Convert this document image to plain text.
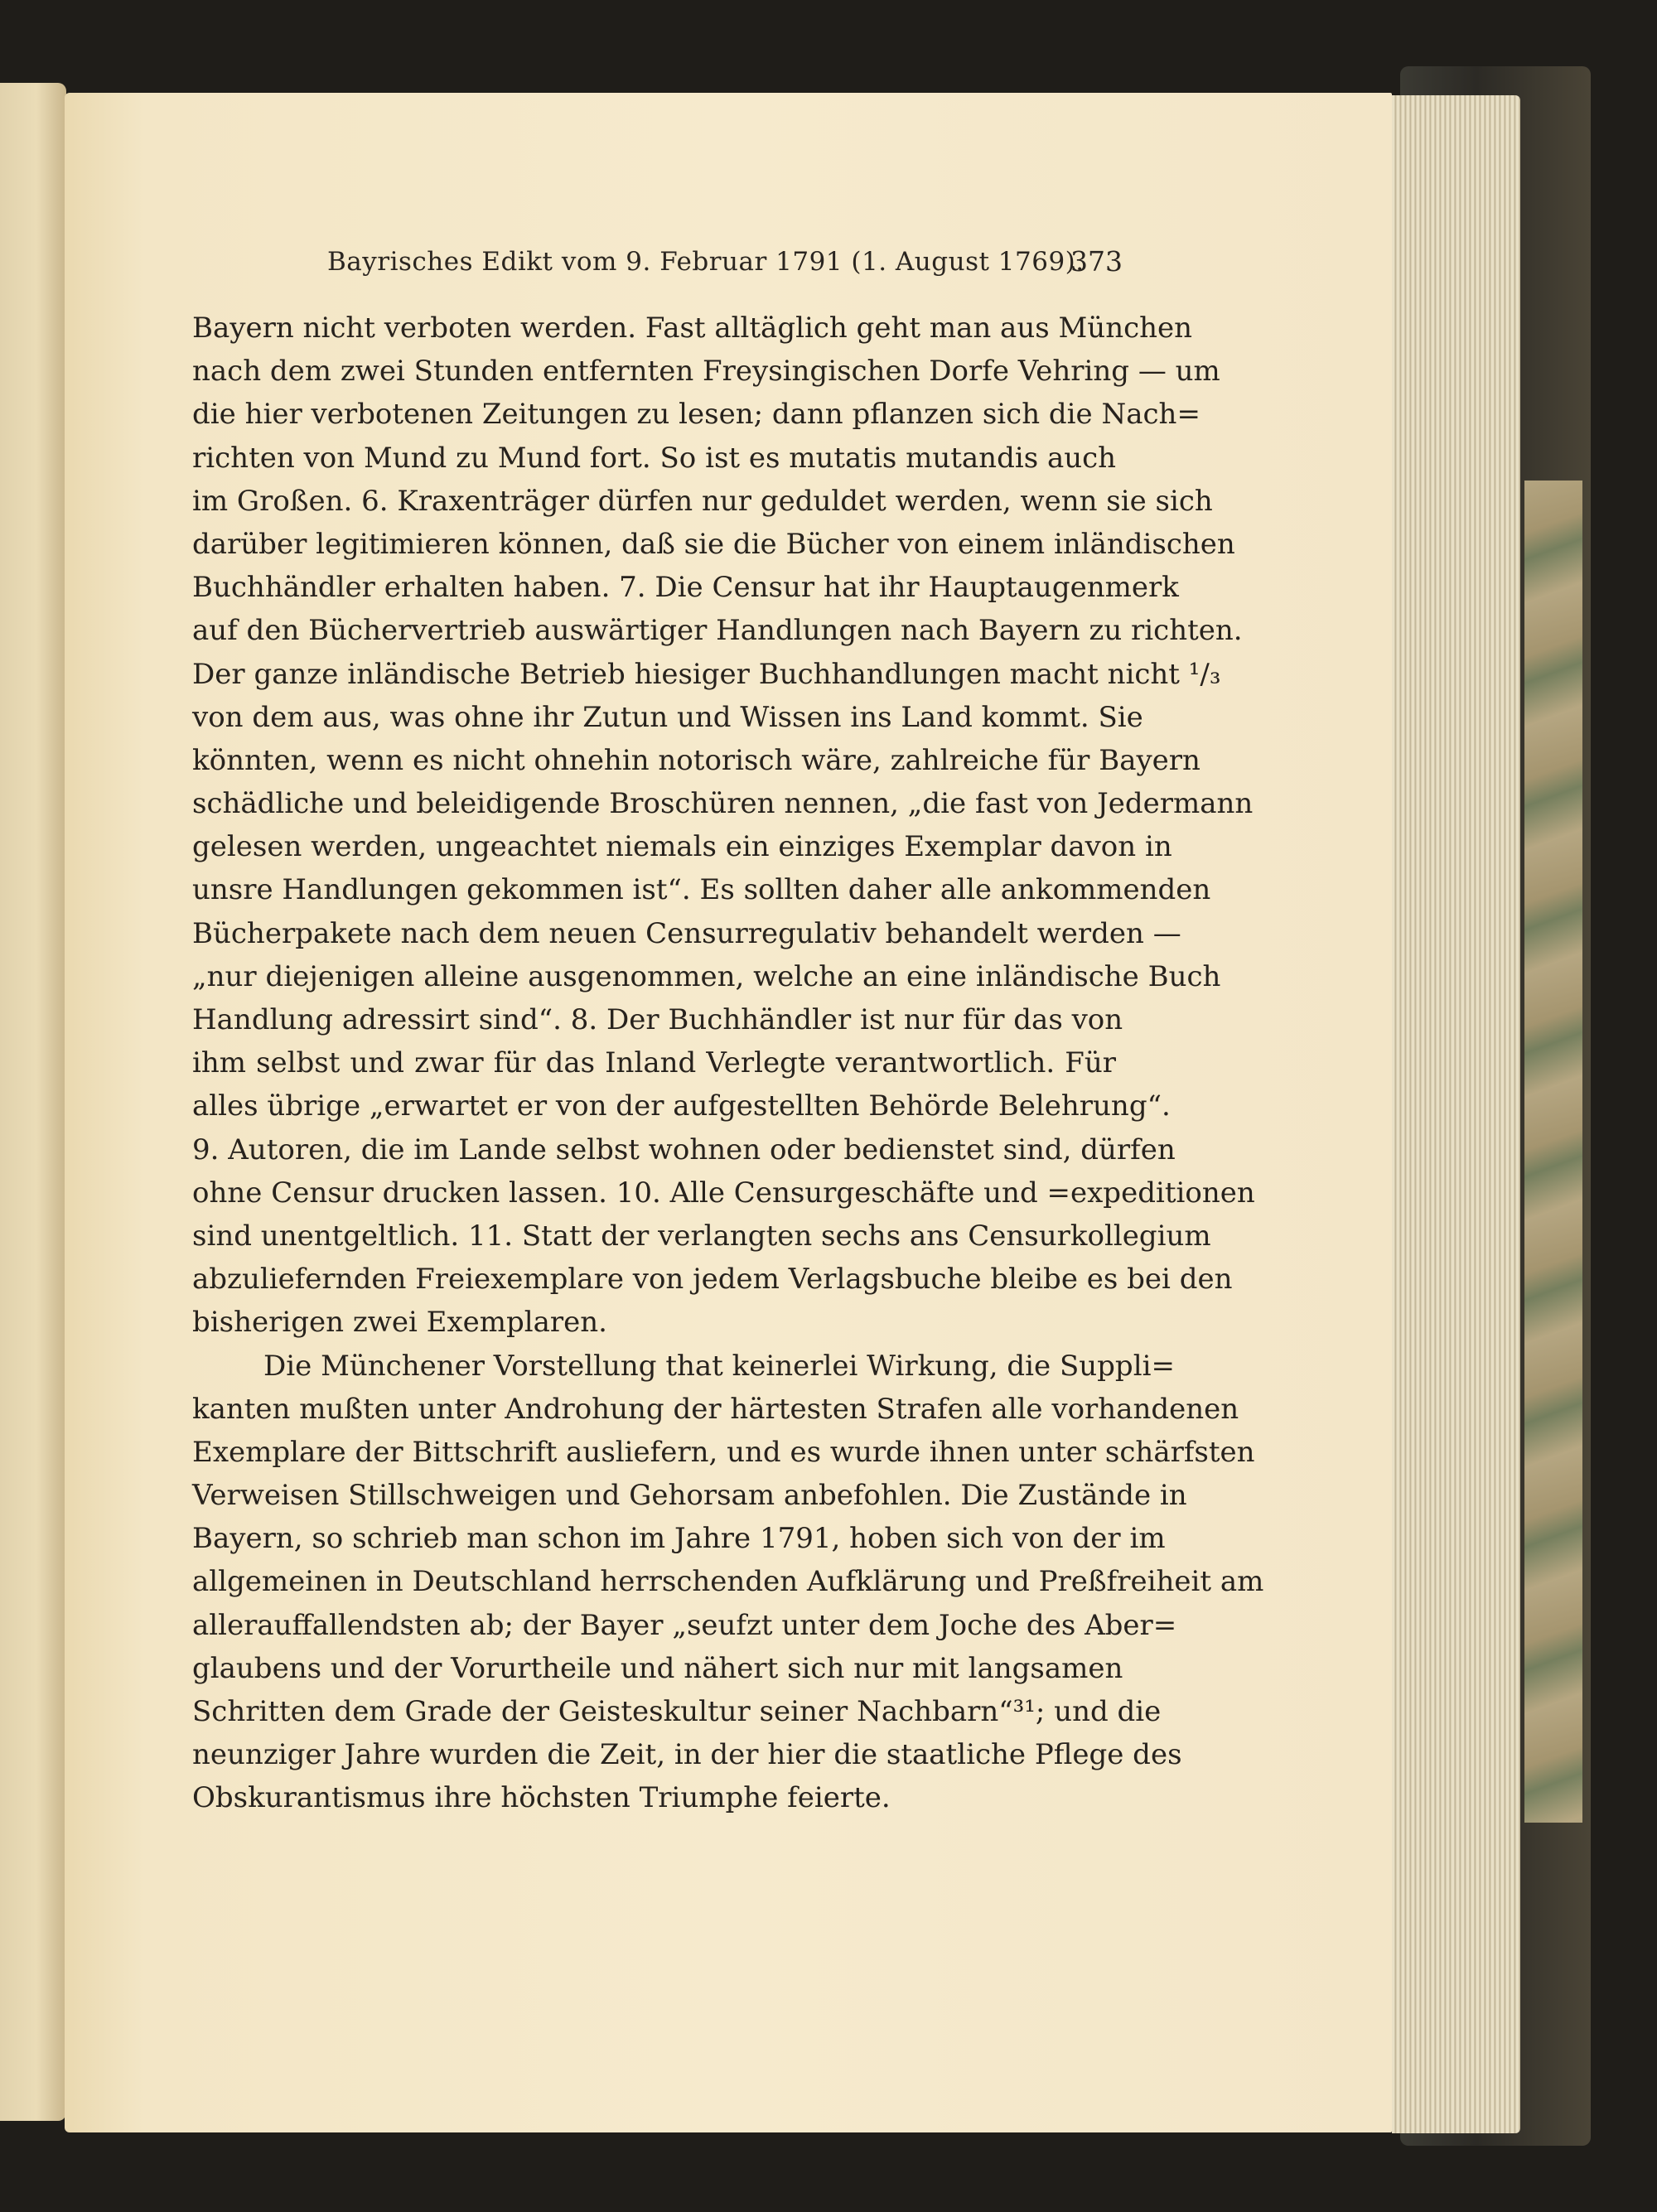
Bayrisches Edikt vom 9. Februar 1791 (1. August 1769).
373
Bayern nicht verboten werden. Fast alltäglich geht man aus München
nach dem zwei Stunden entfernten Freysingischen Dorfe Vehring — um
die hier verbotenen Zeitungen zu lesen; dann pflanzen sich die Nach=
richten von Mund zu Mund fort. So ist es mutatis mutandis auch
im Großen. 6. Kraxenträger dürfen nur geduldet werden, wenn sie sich
darüber legitimieren können, daß sie die Bücher von einem inländischen
Buchhändler erhalten haben. 7. Die Censur hat ihr Hauptaugenmerk
auf den Büchervertrieb auswärtiger Handlungen nach Bayern zu richten.
Der ganze inländische Betrieb hiesiger Buchhandlungen macht nicht ¹/₃
von dem aus, was ohne ihr Zutun und Wissen ins Land kommt. Sie
könnten, wenn es nicht ohnehin notorisch wäre, zahlreiche für Bayern
schädliche und beleidigende Broschüren nennen, „die fast von Jedermann
gelesen werden, ungeachtet niemals ein einziges Exemplar davon in
unsre Handlungen gekommen ist“. Es sollten daher alle ankommenden
Bücherpakete nach dem neuen Censurregulativ behandelt werden —
„nur diejenigen alleine ausgenommen, welche an eine inländische Buch
Handlung adressirt sind“. 8. Der Buchhändler ist nur für das von
ihm selbst und zwar für das Inland Verlegte verantwortlich. Für
alles übrige „erwartet er von der aufgestellten Behörde Belehrung“.
9. Autoren, die im Lande selbst wohnen oder bedienstet sind, dürfen
ohne Censur drucken lassen. 10. Alle Censurgeschäfte und =expeditionen
sind unentgeltlich. 11. Statt der verlangten sechs ans Censurkollegium
abzuliefernden Freiexemplare von jedem Verlagsbuche bleibe es bei den
bisherigen zwei Exemplaren.
Die Münchener Vorstellung that keinerlei Wirkung, die Suppli=
kanten mußten unter Androhung der härtesten Strafen alle vorhandenen
Exemplare der Bittschrift ausliefern, und es wurde ihnen unter schärfsten
Verweisen Stillschweigen und Gehorsam anbefohlen. Die Zustände in
Bayern, so schrieb man schon im Jahre 1791, hoben sich von der im
allgemeinen in Deutschland herrschenden Aufklärung und Preßfreiheit am
allerauffallendsten ab; der Bayer „seufzt unter dem Joche des Aber=
glaubens und der Vorurtheile und nähert sich nur mit langsamen
Schritten dem Grade der Geisteskultur seiner Nachbarn“³¹; und die
neunziger Jahre wurden die Zeit, in der hier die staatliche Pflege des
Obskurantismus ihre höchsten Triumphe feierte.
